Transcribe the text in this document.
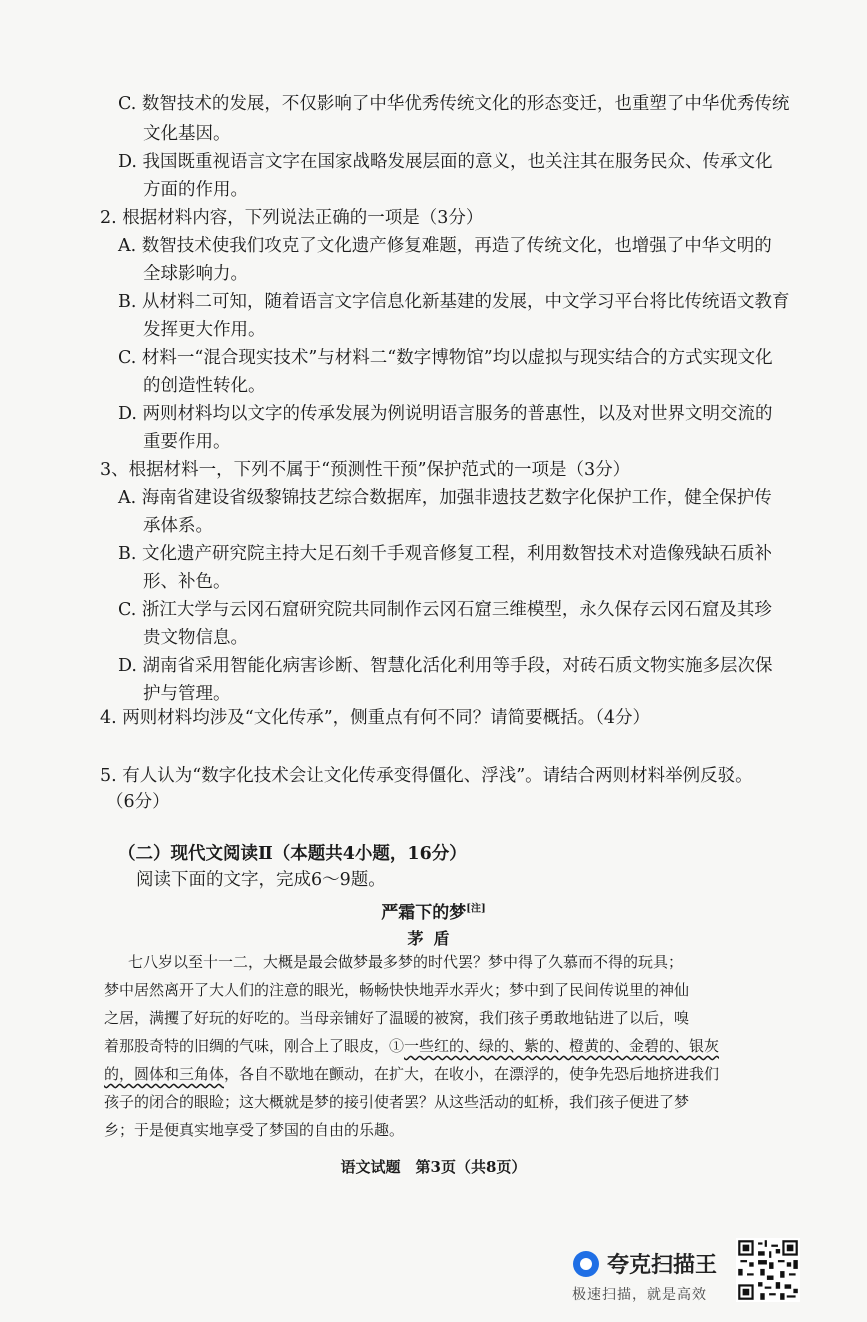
C. 数智技术的发展，不仅影响了中华优秀传统文化的形态变迁，也重塑了中华优秀传统
文化基因。
D. 我国既重视语言文字在国家战略发展层面的意义，也关注其在服务民众、传承文化
方面的作用。
2. 根据材料内容，下列说法正确的一项是（3分）
A. 数智技术使我们攻克了文化遗产修复难题，再造了传统文化，也增强了中华文明的
全球影响力。
B. 从材料二可知，随着语言文字信息化新基建的发展，中文学习平台将比传统语文教育
发挥更大作用。
C. 材料一“混合现实技术”与材料二“数字博物馆”均以虚拟与现实结合的方式实现文化
的创造性转化。
D. 两则材料均以文字的传承发展为例说明语言服务的普惠性，以及对世界文明交流的
重要作用。
3、根据材料一，下列不属于“预测性干预”保护范式的一项是（3分）
A. 海南省建设省级黎锦技艺综合数据库，加强非遗技艺数字化保护工作，健全保护传
承体系。
B. 文化遗产研究院主持大足石刻千手观音修复工程，利用数智技术对造像残缺石质补
形、补色。
C. 浙江大学与云冈石窟研究院共同制作云冈石窟三维模型，永久保存云冈石窟及其珍
贵文物信息。
D. 湖南省采用智能化病害诊断、智慧化活化利用等手段，对砖石质文物实施多层次保
护与管理。
4. 两则材料均涉及“文化传承”，侧重点有何不同？请简要概括。（4分）
5. 有人认为“数字化技术会让文化传承变得僵化、浮浅”。请结合两则材料举例反驳。
（6分）
（二）现代文阅读Ⅱ（本题共4小题，16分）
阅读下面的文字，完成6～9题。
严霜下的梦[注]
茅盾
七八岁以至十一二，大概是最会做梦最多梦的时代罢？梦中得了久慕而不得的玩具；
梦中居然离开了大人们的注意的眼光，畅畅快快地弄水弄火；梦中到了民间传说里的神仙
之居，满攫了好玩的好吃的。当母亲铺好了温暖的被窝，我们孩子勇敢地钻进了以后，嗅
着那股奇特的旧绸的气味，刚合上了眼皮，①一些红的、绿的、紫的、橙黄的、金碧的、银灰
的，圆体和三角体，各自不歇地在颤动，在扩大，在收小，在漂浮的，使争先恐后地挤进我们
孩子的闭合的眼睑；这大概就是梦的接引使者罢？从这些活动的虹桥，我们孩子便进了梦
乡；于是便真实地享受了梦国的自由的乐趣。
语文试题　第3页（共8页）
夸克扫描王
极速扫描，就是高效
